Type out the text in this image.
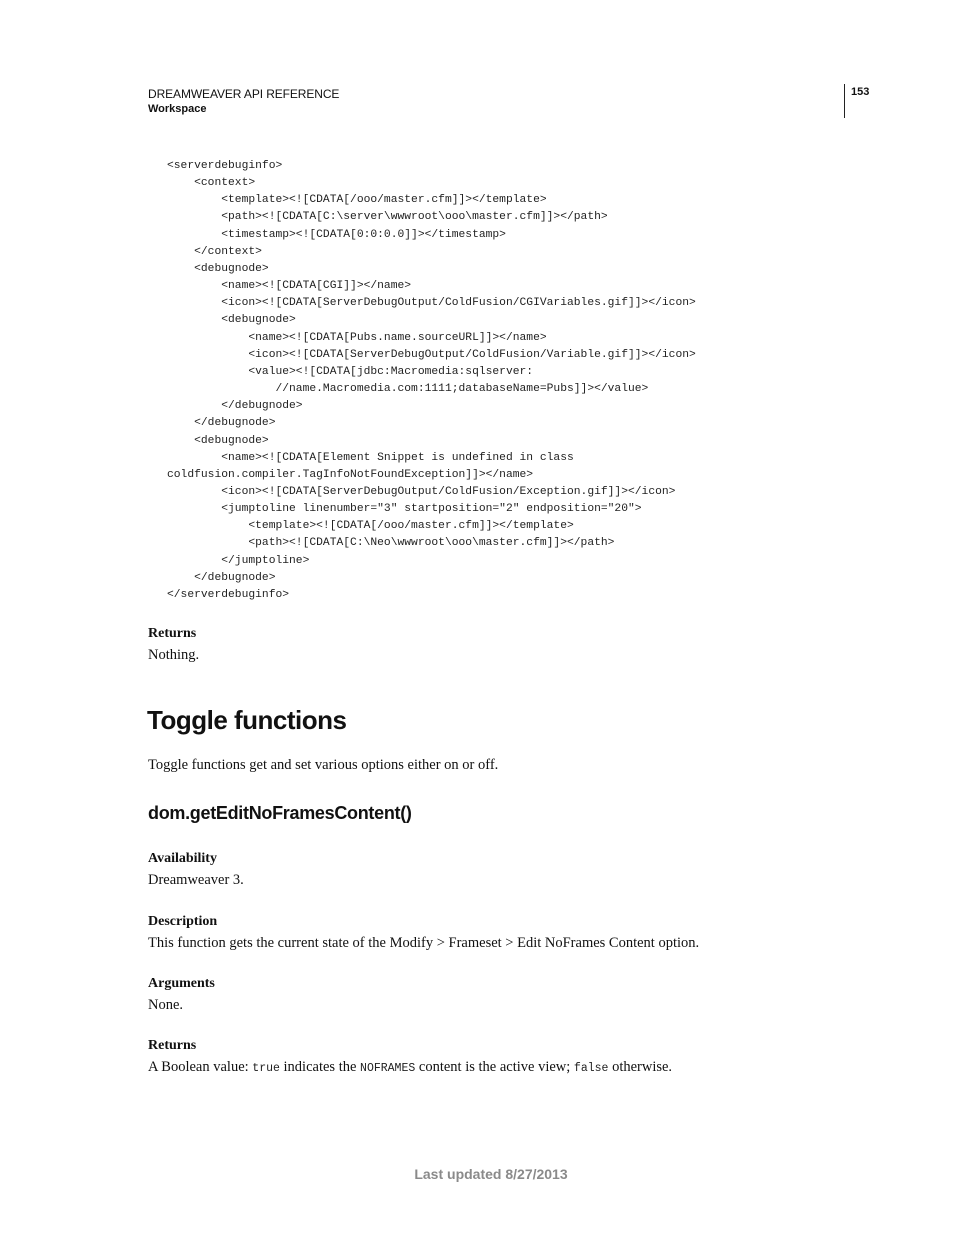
DREAMWEAVER API REFERENCE
Workspace
153
<serverdebuginfo>
<context>
<template><![CDATA[/ooo/master.cfm]]></template>
<path><![CDATA[C:\server\wwwroot\ooo\master.cfm]]></path>
<timestamp><![CDATA[0:0:0.0]]></timestamp>
</context>
<debugnode>
<name><![CDATA[CGI]]></name>
<icon><![CDATA[ServerDebugOutput/ColdFusion/CGIVariables.gif]]></icon>
<debugnode>
<name><![CDATA[Pubs.name.sourceURL]]></name>
<icon><![CDATA[ServerDebugOutput/ColdFusion/Variable.gif]]></icon>
<value><![CDATA[jdbc:Macromedia:sqlserver:
//name.Macromedia.com:1111;databaseName=Pubs]]></value>
</debugnode>
</debugnode>
<debugnode>
<name><![CDATA[Element Snippet is undefined in class
coldfusion.compiler.TagInfoNotFoundException]]></name>
<icon><![CDATA[ServerDebugOutput/ColdFusion/Exception.gif]]></icon>
<jumptoline linenumber="3" startposition="2" endposition="20">
<template><![CDATA[/ooo/master.cfm]]></template>
<path><![CDATA[C:\Neo\wwwroot\ooo\master.cfm]]></path>
</jumptoline>
</debugnode>
</serverdebuginfo>
Returns
Nothing.
Toggle functions
Toggle functions get and set various options either on or off.
dom.getEditNoFramesContent()
Availability
Dreamweaver 3.
Description
This function gets the current state of the Modify > Frameset > Edit NoFrames Content option.
Arguments
None.
Returns
A Boolean value: true indicates the NOFRAMES content is the active view; false otherwise.
Last updated 8/27/2013
